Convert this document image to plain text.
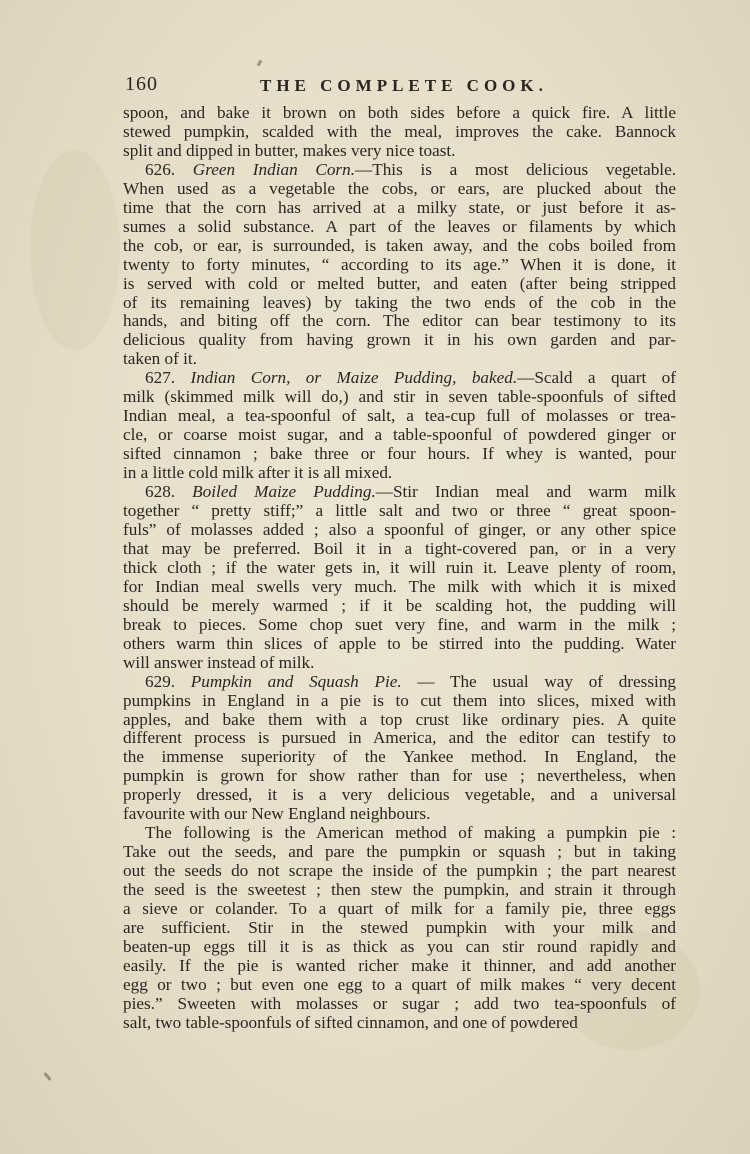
160	THE COMPLETE COOK.
spoon, and bake it brown on both sides before a quick fire. A little
stewed pumpkin, scalded with the meal, improves the cake. Bannock
split and dipped in butter, makes very nice toast.
626. Green Indian Corn.—This is a most delicious vegetable.
When used as a vegetable the cobs, or ears, are plucked about the
time that the corn has arrived at a milky state, or just before it as-
sumes a solid substance. A part of the leaves or filaments by which
the cob, or ear, is surrounded, is taken away, and the cobs boiled from
twenty to forty minutes, “ according to its age.” When it is done, it
is served with cold or melted butter, and eaten (after being stripped
of its remaining leaves) by taking the two ends of the cob in the
hands, and biting off the corn. The editor can bear testimony to its
delicious quality from having grown it in his own garden and par-
taken of it.
627. Indian Corn, or Maize Pudding, baked.—Scald a quart of
milk (skimmed milk will do,) and stir in seven table-spoonfuls of sifted
Indian meal, a tea-spoonful of salt, a tea-cup full of molasses or trea-
cle, or coarse moist sugar, and a table-spoonful of powdered ginger or
sifted cinnamon ; bake three or four hours. If whey is wanted, pour
in a little cold milk after it is all mixed.
628. Boiled Maize Pudding.—Stir Indian meal and warm milk
together “ pretty stiff;” a little salt and two or three “ great spoon-
fuls” of molasses added ; also a spoonful of ginger, or any other spice
that may be preferred. Boil it in a tight-covered pan, or in a very
thick cloth ; if the water gets in, it will ruin it. Leave plenty of room,
for Indian meal swells very much. The milk with which it is mixed
should be merely warmed ; if it be scalding hot, the pudding will
break to pieces. Some chop suet very fine, and warm in the milk ;
others warm thin slices of apple to be stirred into the pudding. Water
will answer instead of milk.
629. Pumpkin and Squash Pie. — The usual way of dressing
pumpkins in England in a pie is to cut them into slices, mixed with
apples, and bake them with a top crust like ordinary pies. A quite
different process is pursued in America, and the editor can testify to
the immense superiority of the Yankee method. In England, the
pumpkin is grown for show rather than for use ; nevertheless, when
properly dressed, it is a very delicious vegetable, and a universal
favourite with our New England neighbours.
The following is the American method of making a pumpkin pie :
Take out the seeds, and pare the pumpkin or squash ; but in taking
out the seeds do not scrape the inside of the pumpkin ; the part nearest
the seed is the sweetest ; then stew the pumpkin, and strain it through
a sieve or colander. To a quart of milk for a family pie, three eggs
are sufficient. Stir in the stewed pumpkin with your milk and
beaten-up eggs till it is as thick as you can stir round rapidly and
easily. If the pie is wanted richer make it thinner, and add another
egg or two ; but even one egg to a quart of milk makes “ very decent
pies.” Sweeten with molasses or sugar ; add two tea-spoonfuls of
salt, two table-spoonfuls of sifted cinnamon, and one of powdered
